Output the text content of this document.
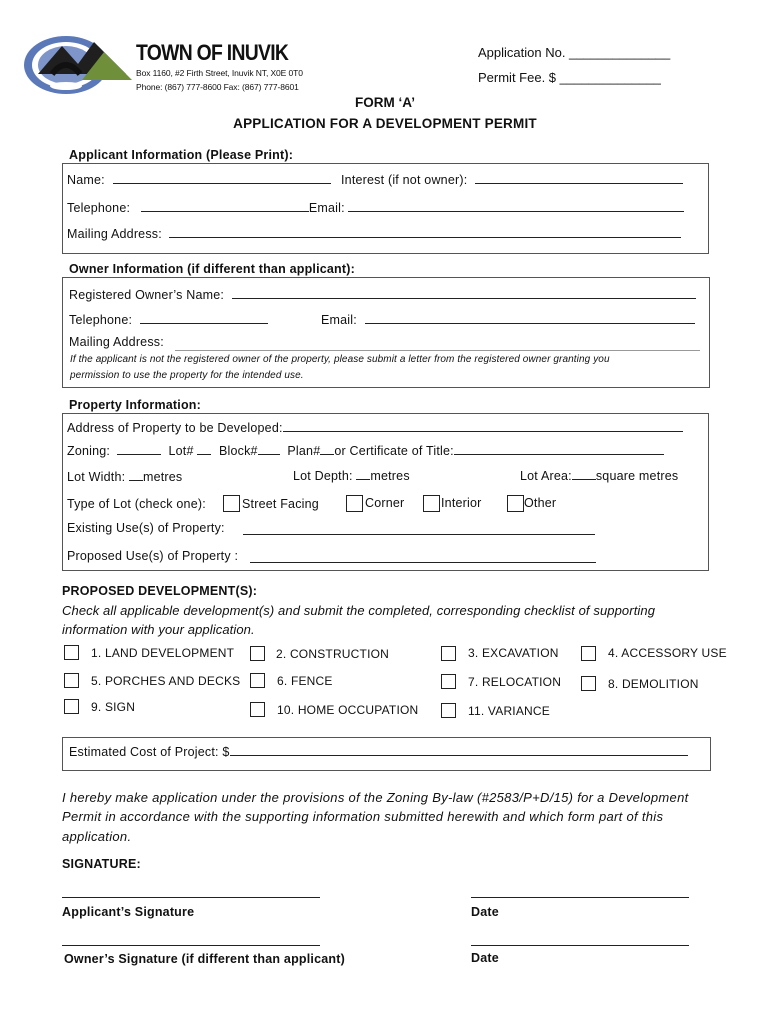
TOWN OF INUVIK
Box 1160, #2 Firth Street, Inuvik NT, X0E 0T0
Phone: (867) 777-8600 Fax: (867) 777-8601
Application No. ______________
Permit Fee. $ ______________
FORM ‘A’
APPLICATION FOR A DEVELOPMENT PERMIT
Applicant Information (Please Print):
Name:	Interest (if not owner):
Telephone:	Email:
Mailing Address:
Owner Information (if different than applicant):
Registered Owner’s Name:
Telephone:	Email:
Mailing Address:
If the applicant is not the registered owner of the property, please submit a letter from the registered owner granting you
permission to use the property for the intended use.
Property Information:
Address of Property to be Developed:
Zoning:	Lot# Block# Plan# or Certificate of Title:
Lot Width: metres	Lot Depth: metres	Lot Area: square metres
Type of Lot (check one):	Street Facing	Corner	Interior	Other
Existing Use(s) of Property:
Proposed Use(s) of Property :
PROPOSED DEVELOPMENT(S):
Check all applicable development(s) and submit the completed, corresponding checklist of supporting
information with your application.
1. LAND DEVELOPMENT	2. CONSTRUCTION	3. EXCAVATION	4. ACCESSORY USE
5. PORCHES AND DECKS	6. FENCE	7. RELOCATION	8. DEMOLITION
9. SIGN	10. HOME OCCUPATION	11. VARIANCE
Estimated Cost of Project: $
I hereby make application under the provisions of the Zoning By-law (#2583/P+D/15) for a Development
Permit in accordance with the supporting information submitted herewith and which form part of this
application.
SIGNATURE:
Applicant’s Signature	Date
Owner’s Signature (if different than applicant)	Date
